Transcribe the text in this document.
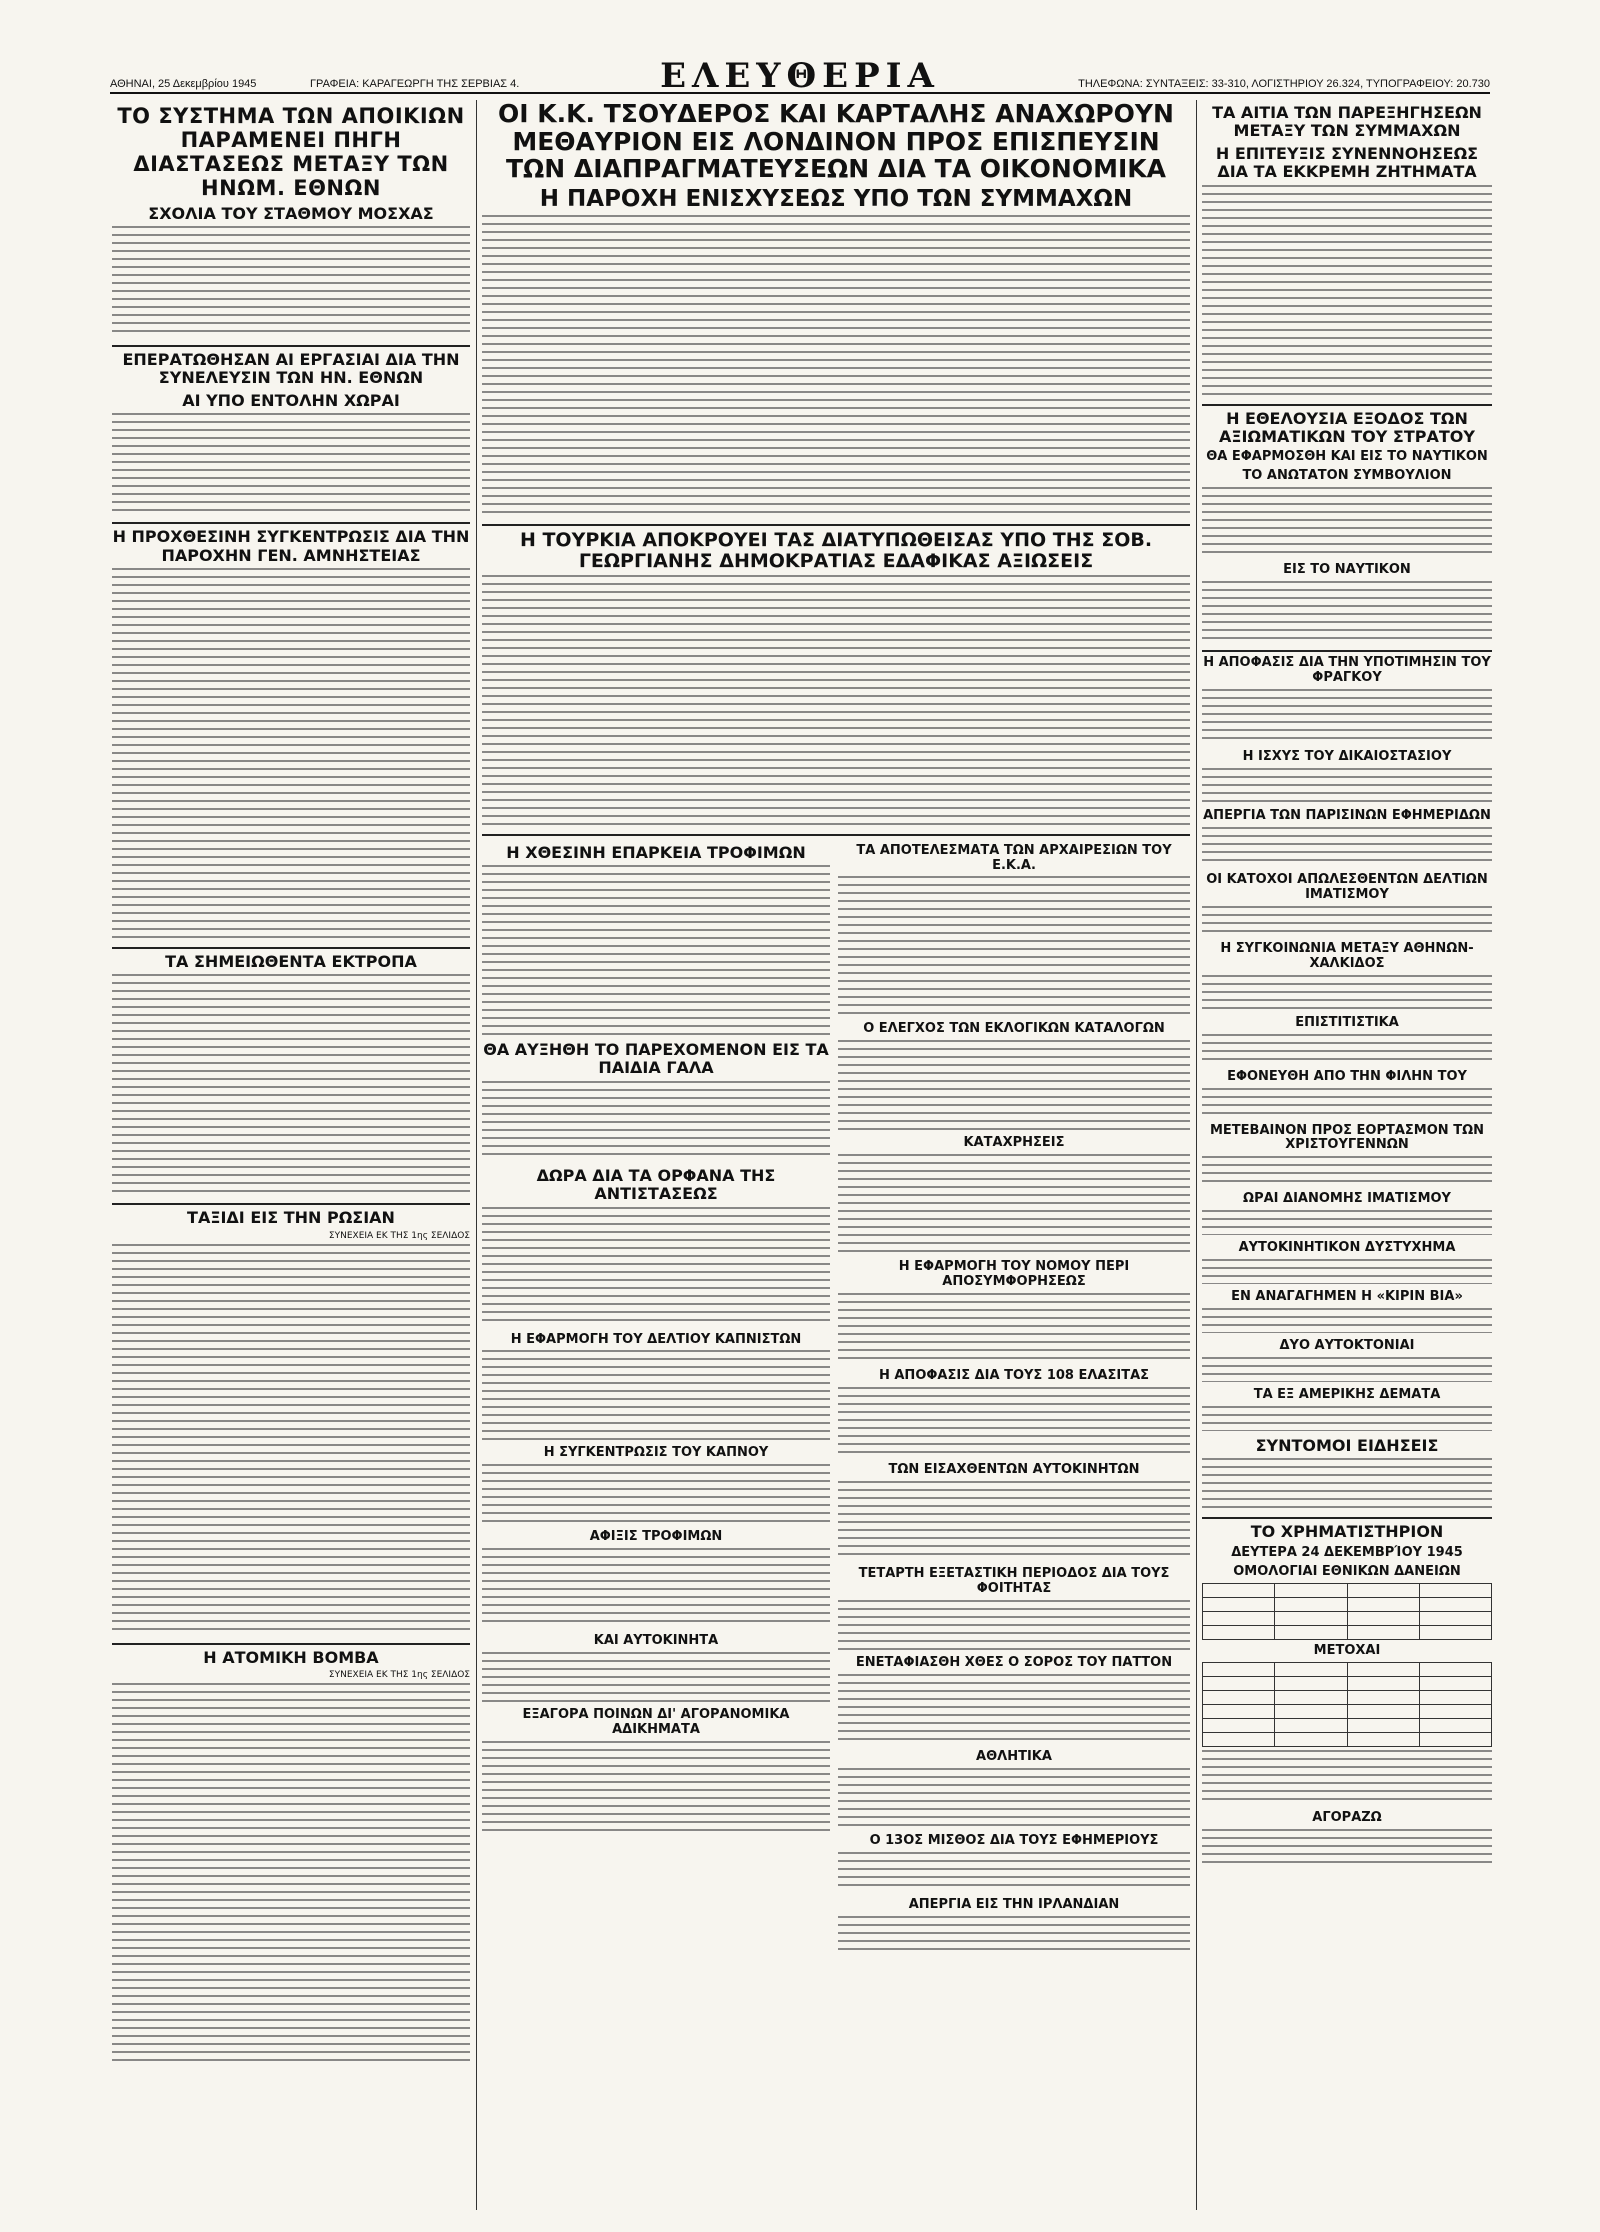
ΑΘΗΝΑΙ, 25 Δεκεμβρίου 1945	ΓΡΑΦΕΙΑ: ΚΑΡΑΓΕΩΡΓΗ ΤΗΣ ΣΕΡΒΙΑΣ 4.	ΕΛΕΥΘΕΡΙΑ	ΤΗΛΕΦΩΝΑ: ΣΥΝΤΑΞΕΙΣ: 33-310, ΛΟΓΙΣΤΗΡΙΟΥ 26.324, ΤΥΠΟΓΡΑΦΕΙΟΥ: 20.730
ΤΟ ΣΥΣΤΗΜΑ ΤΩΝ ΑΠΟΙΚΙΩΝ ΠΑΡΑΜΕΝΕΙ ΠΗΓΗ ΔΙΑΣΤΑΣΕΩΣ ΜΕΤΑΞΥ ΤΩΝ ΗΝΩΜ. ΕΘΝΩΝ
ΣΧΟΛΙΑ ΤΟΥ ΣΤΑΘΜΟΥ ΜΟΣΧΑΣ
ΕΠΕΡΑΤΩΘΗΣΑΝ ΑΙ ΕΡΓΑΣΙΑΙ ΔΙΑ ΤΗΝ ΣΥΝΕΛΕΥΣΙΝ ΤΩΝ ΗΝ. ΕΘΝΩΝ
ΑΙ ΥΠΟ ΕΝΤΟΛΗΝ ΧΩΡΑΙ
Η ΠΡΟΧΘΕΣΙΝΗ ΣΥΓΚΕΝΤΡΩΣΙΣ ΔΙΑ ΤΗΝ ΠΑΡΟΧΗΝ ΓΕΝ. ΑΜΝΗΣΤΕΙΑΣ
ΤΑ ΣΗΜΕΙΩΘΕΝΤΑ ΕΚΤΡΟΠΑ
ΤΑΞΙΔΙ ΕΙΣ ΤΗΝ ΡΩΣΙΑΝ
ΣΥΝΕΧΕΙΑ ΕΚ ΤΗΣ 1ης ΣΕΛΙΔΟΣ
Η ΑΤΟΜΙΚΗ ΒΟΜΒΑ
ΣΥΝΕΧΕΙΑ ΕΚ ΤΗΣ 1ης ΣΕΛΙΔΟΣ
ΟΙ Κ.Κ. ΤΣΟΥΔΕΡΟΣ ΚΑΙ ΚΑΡΤΑΛΗΣ ΑΝΑΧΩΡΟΥΝ ΜΕΘΑΥΡΙΟΝ ΕΙΣ ΛΟΝΔΙΝΟΝ ΠΡΟΣ ΕΠΙΣΠΕΥΣΙΝ ΤΩΝ ΔΙΑΠΡΑΓΜΑΤΕΥΣΕΩΝ ΔΙΑ ΤΑ ΟΙΚΟΝΟΜΙΚΑ
Η ΠΑΡΟΧΗ ΕΝΙΣΧΥΣΕΩΣ ΥΠΟ ΤΩΝ ΣΥΜΜΑΧΩΝ
Η ΤΟΥΡΚΙΑ ΑΠΟΚΡΟΥΕΙ ΤΑΣ ΔΙΑΤΥΠΩΘΕΙΣΑΣ ΥΠΟ ΤΗΣ ΣΟΒ. ΓΕΩΡΓΙΑΝΗΣ ΔΗΜΟΚΡΑΤΙΑΣ ΕΔΑΦΙΚΑΣ ΑΞΙΩΣΕΙΣ
Η ΧΘΕΣΙΝΗ ΕΠΑΡΚΕΙΑ ΤΡΟΦΙΜΩΝ
ΘΑ ΑΥΞΗΘΗ ΤΟ ΠΑΡΕΧΟΜΕΝΟΝ ΕΙΣ ΤΑ ΠΑΙΔΙΑ ΓΑΛΑ
ΔΩΡΑ ΔΙΑ ΤΑ ΟΡΦΑΝΑ ΤΗΣ ΑΝΤΙΣΤΑΣΕΩΣ
Η ΕΦΑΡΜΟΓΗ ΤΟΥ ΔΕΛΤΙΟΥ ΚΑΠΝΙΣΤΩΝ
Η ΣΥΓΚΕΝΤΡΩΣΙΣ ΤΟΥ ΚΑΠΝΟΥ
ΑΦΙΞΙΣ ΤΡΟΦΙΜΩΝ
ΚΑΙ ΑΥΤΟΚΙΝΗΤΑ
ΕΞΑΓΟΡΑ ΠΟΙΝΩΝ ΔΙ' ΑΓΟΡΑΝΟΜΙΚΑ ΑΔΙΚΗΜΑΤΑ
ΤΑ ΑΠΟΤΕΛΕΣΜΑΤΑ ΤΩΝ ΑΡΧΑΙΡΕΣΙΩΝ ΤΟΥ Ε.Κ.Α.
Ο ΕΛΕΓΧΟΣ ΤΩΝ ΕΚΛΟΓΙΚΩΝ ΚΑΤΑΛΟΓΩΝ
ΚΑΤΑΧΡΗΣΕΙΣ
Η ΕΦΑΡΜΟΓΗ ΤΟΥ ΝΟΜΟΥ ΠΕΡΙ ΑΠΟΣΥΜΦΟΡΗΣΕΩΣ
Η ΑΠΟΦΑΣΙΣ ΔΙΑ ΤΟΥΣ 108 ΕΛΑΣΙΤΑΣ
ΤΩΝ ΕΙΣΑΧΘΕΝΤΩΝ ΑΥΤΟΚΙΝΗΤΩΝ
ΤΕΤΑΡΤΗ ΕΞΕΤΑΣΤΙΚΗ ΠΕΡΙΟΔΟΣ ΔΙΑ ΤΟΥΣ ΦΟΙΤΗΤΑΣ
ΕΝΕΤΑΦΙΑΣΘΗ ΧΘΕΣ Ο ΣΟΡΟΣ ΤΟΥ ΠΑΤΤΟΝ
ΑΘΛΗΤΙΚΑ
Ο 13ΟΣ ΜΙΣΘΟΣ ΔΙΑ ΤΟΥΣ ΕΦΗΜΕΡΙΟΥΣ
ΑΠΕΡΓΙΑ ΕΙΣ ΤΗΝ ΙΡΛΑΝΔΙΑΝ
ΤΑ ΑΙΤΙΑ ΤΩΝ ΠΑΡΕΞΗΓΗΣΕΩΝ ΜΕΤΑΞΥ ΤΩΝ ΣΥΜΜΑΧΩΝ
Η ΕΠΙΤΕΥΞΙΣ ΣΥΝΕΝΝΟΗΣΕΩΣ ΔΙΑ ΤΑ ΕΚΚΡΕΜΗ ΖΗΤΗΜΑΤΑ
Η ΕΘΕΛΟΥΣΙΑ ΕΞΟΔΟΣ ΤΩΝ ΑΞΙΩΜΑΤΙΚΩΝ ΤΟΥ ΣΤΡΑΤΟΥ
ΘΑ ΕΦΑΡΜΟΣΘΗ ΚΑΙ ΕΙΣ ΤΟ ΝΑΥΤΙΚΟΝ
ΤΟ ΑΝΩΤΑΤΟΝ ΣΥΜΒΟΥΛΙΟΝ
ΕΙΣ ΤΟ ΝΑΥΤΙΚΟΝ
Η ΑΠΟΦΑΣΙΣ ΔΙΑ ΤΗΝ ΥΠΟΤΙΜΗΣΙΝ ΤΟΥ ΦΡΑΓΚΟΥ
Η ΙΣΧΥΣ ΤΟΥ ΔΙΚΑΙΟΣΤΑΣΙΟΥ
ΑΠΕΡΓΙΑ ΤΩΝ ΠΑΡΙΣΙΝΩΝ ΕΦΗΜΕΡΙΔΩΝ
ΟΙ ΚΑΤΟΧΟΙ ΑΠΩΛΕΣΘΕΝΤΩΝ ΔΕΛΤΙΩΝ ΙΜΑΤΙΣΜΟΥ
Η ΣΥΓΚΟΙΝΩΝΙΑ ΜΕΤΑΞΥ ΑΘΗΝΩΝ-ΧΑΛΚΙΔΟΣ
ΕΠΙΣΤΙΤΙΣΤΙΚΑ
ΕΦΟΝΕΥΘΗ ΑΠΟ ΤΗΝ ΦΙΛΗΝ ΤΟΥ
ΜΕΤΕΒΑΙΝΟΝ ΠΡΟΣ ΕΟΡΤΑΣΜΟΝ ΤΩΝ ΧΡΙΣΤΟΥΓΕΝΝΩΝ
ΩΡΑΙ ΔΙΑΝΟΜΗΣ ΙΜΑΤΙΣΜΟΥ
ΑΥΤΟΚΙΝΗΤΙΚΟΝ ΔΥΣΤΥΧΗΜΑ
ΕΝ ΑΝΑΓΑΓΗΜΕΝ Η «ΚΙΡΙΝ ΒΙΑ»
ΔΥΟ ΑΥΤΟΚΤΟΝΙΑΙ
ΤΑ ΕΞ ΑΜΕΡΙΚΗΣ ΔΕΜΑΤΑ
ΣΥΝΤΟΜΟΙ ΕΙΔΗΣΕΙΣ
ΤΟ ΧΡΗΜΑΤΙΣΤΗΡΙΟΝ
ΔΕΥΤΕΡΑ 24 ΔΕΚΕΜΒΡΊΟΥ 1945
ΟΜΟΛΟΓΙΑΙ ΕΘΝΙΚΩΝ ΔΑΝΕΙΩΝ

ΜΕΤΟΧΑΙ

ΑΓΟΡΑΖΩ
